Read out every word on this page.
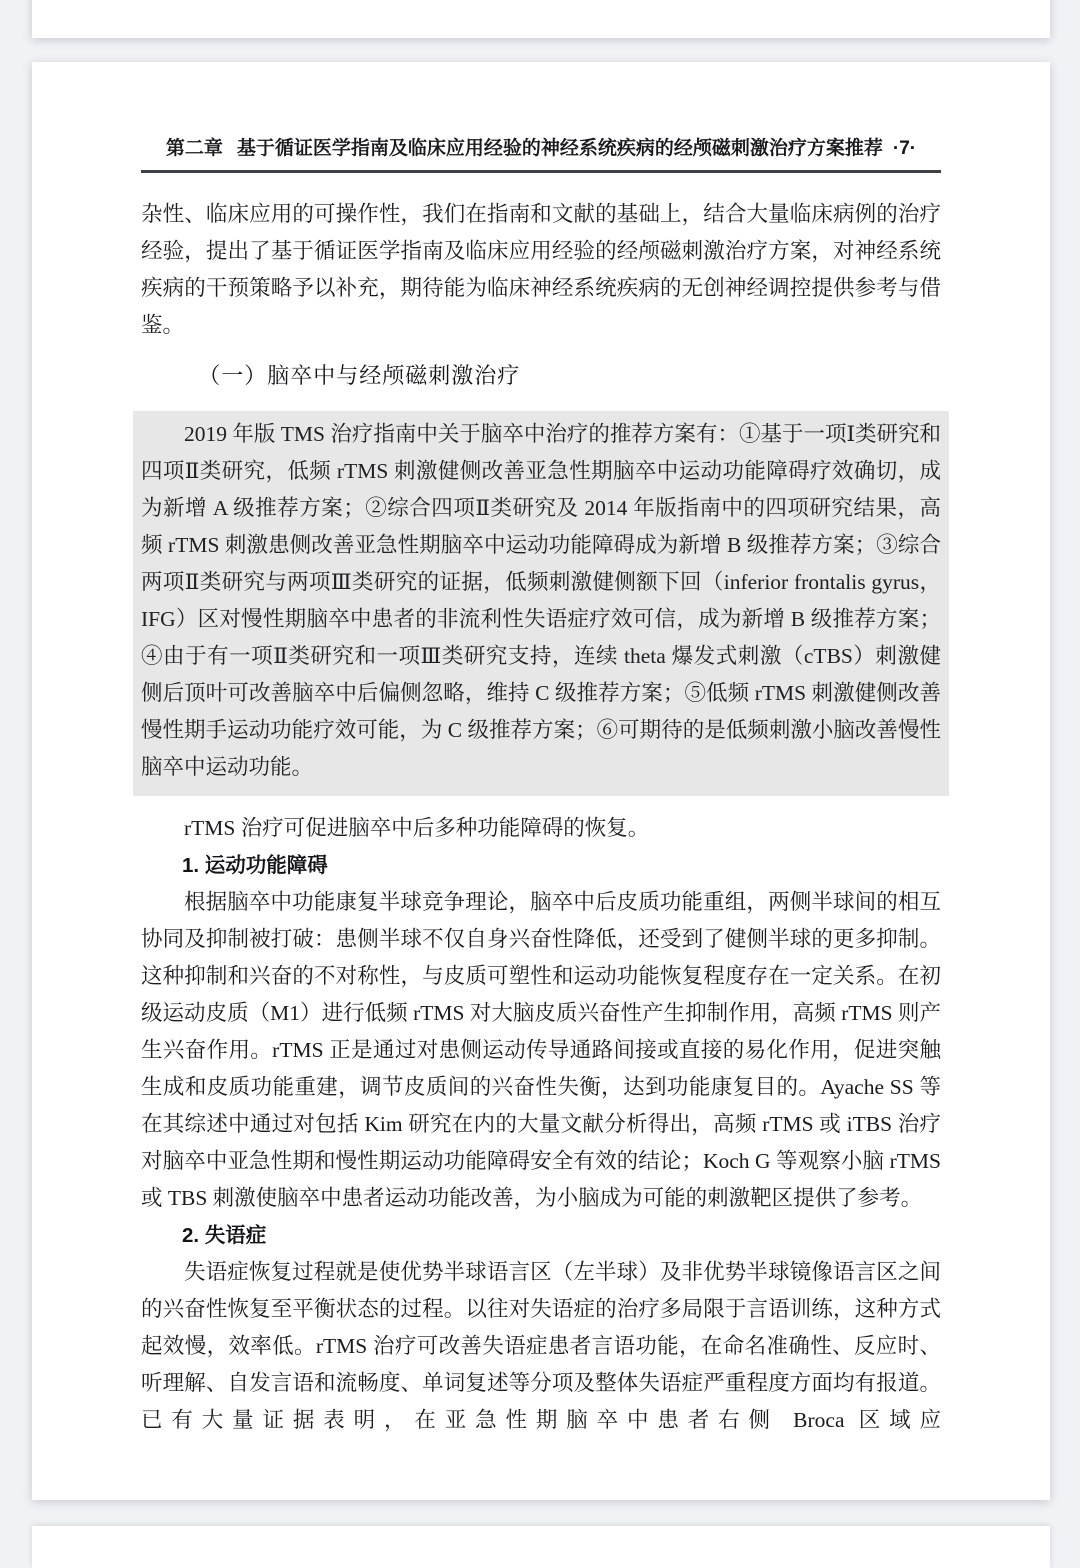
第二章 基于循证医学指南及临床应用经验的神经系统疾病的经颅磁刺激治疗方案推荐 ·7·

杂性、临床应用的可操作性，我们在指南和文献的基础上，结合大量临床病例的治疗经验，提出了基于循证医学指南及临床应用经验的经颅磁刺激治疗方案，对神经系统疾病的干预策略予以补充，期待能为临床神经系统疾病的无创神经调控提供参考与借鉴。

（一）脑卒中与经颅磁刺激治疗

2019 年版 TMS 治疗指南中关于脑卒中治疗的推荐方案有：①基于一项Ⅰ类研究和四项Ⅱ类研究，低频 rTMS 刺激健侧改善亚急性期脑卒中运动功能障碍疗效确切，成为新增 A 级推荐方案；②综合四项Ⅱ类研究及 2014 年版指南中的四项研究结果，高频 rTMS 刺激患侧改善亚急性期脑卒中运动功能障碍成为新增 B 级推荐方案；③综合两项Ⅱ类研究与两项Ⅲ类研究的证据，低频刺激健侧额下回（inferior frontalis gyrus，IFG）区对慢性期脑卒中患者的非流利性失语症疗效可信，成为新增 B 级推荐方案；④由于有一项Ⅱ类研究和一项Ⅲ类研究支持，连续 theta 爆发式刺激（cTBS）刺激健侧后顶叶可改善脑卒中后偏侧忽略，维持 C 级推荐方案；⑤低频 rTMS 刺激健侧改善慢性期手运动功能疗效可能，为 C 级推荐方案；⑥可期待的是低频刺激小脑改善慢性脑卒中运动功能。

rTMS 治疗可促进脑卒中后多种功能障碍的恢复。

1. 运动功能障碍

根据脑卒中功能康复半球竞争理论，脑卒中后皮质功能重组，两侧半球间的相互协同及抑制被打破：患侧半球不仅自身兴奋性降低，还受到了健侧半球的更多抑制。这种抑制和兴奋的不对称性，与皮质可塑性和运动功能恢复程度存在一定关系。在初级运动皮质（M1）进行低频 rTMS 对大脑皮质兴奋性产生抑制作用，高频 rTMS 则产生兴奋作用。rTMS 正是通过对患侧运动传导通路间接或直接的易化作用，促进突触生成和皮质功能重建，调节皮质间的兴奋性失衡，达到功能康复目的。Ayache SS 等在其综述中通过对包括 Kim 研究在内的大量文献分析得出，高频 rTMS 或 iTBS 治疗对脑卒中亚急性期和慢性期运动功能障碍安全有效的结论；Koch G 等观察小脑 rTMS 或 TBS 刺激使脑卒中患者运动功能改善，为小脑成为可能的刺激靶区提供了参考。

2. 失语症

失语症恢复过程就是使优势半球语言区（左半球）及非优势半球镜像语言区之间的兴奋性恢复至平衡状态的过程。以往对失语症的治疗多局限于言语训练，这种方式起效慢，效率低。rTMS 治疗可改善失语症患者言语功能，在命名准确性、反应时、听理解、自发言语和流畅度、单词复述等分项及整体失语症严重程度方面均有报道。已有大量证据表明，在亚急性期脑卒中患者右侧 Broca 区域应
